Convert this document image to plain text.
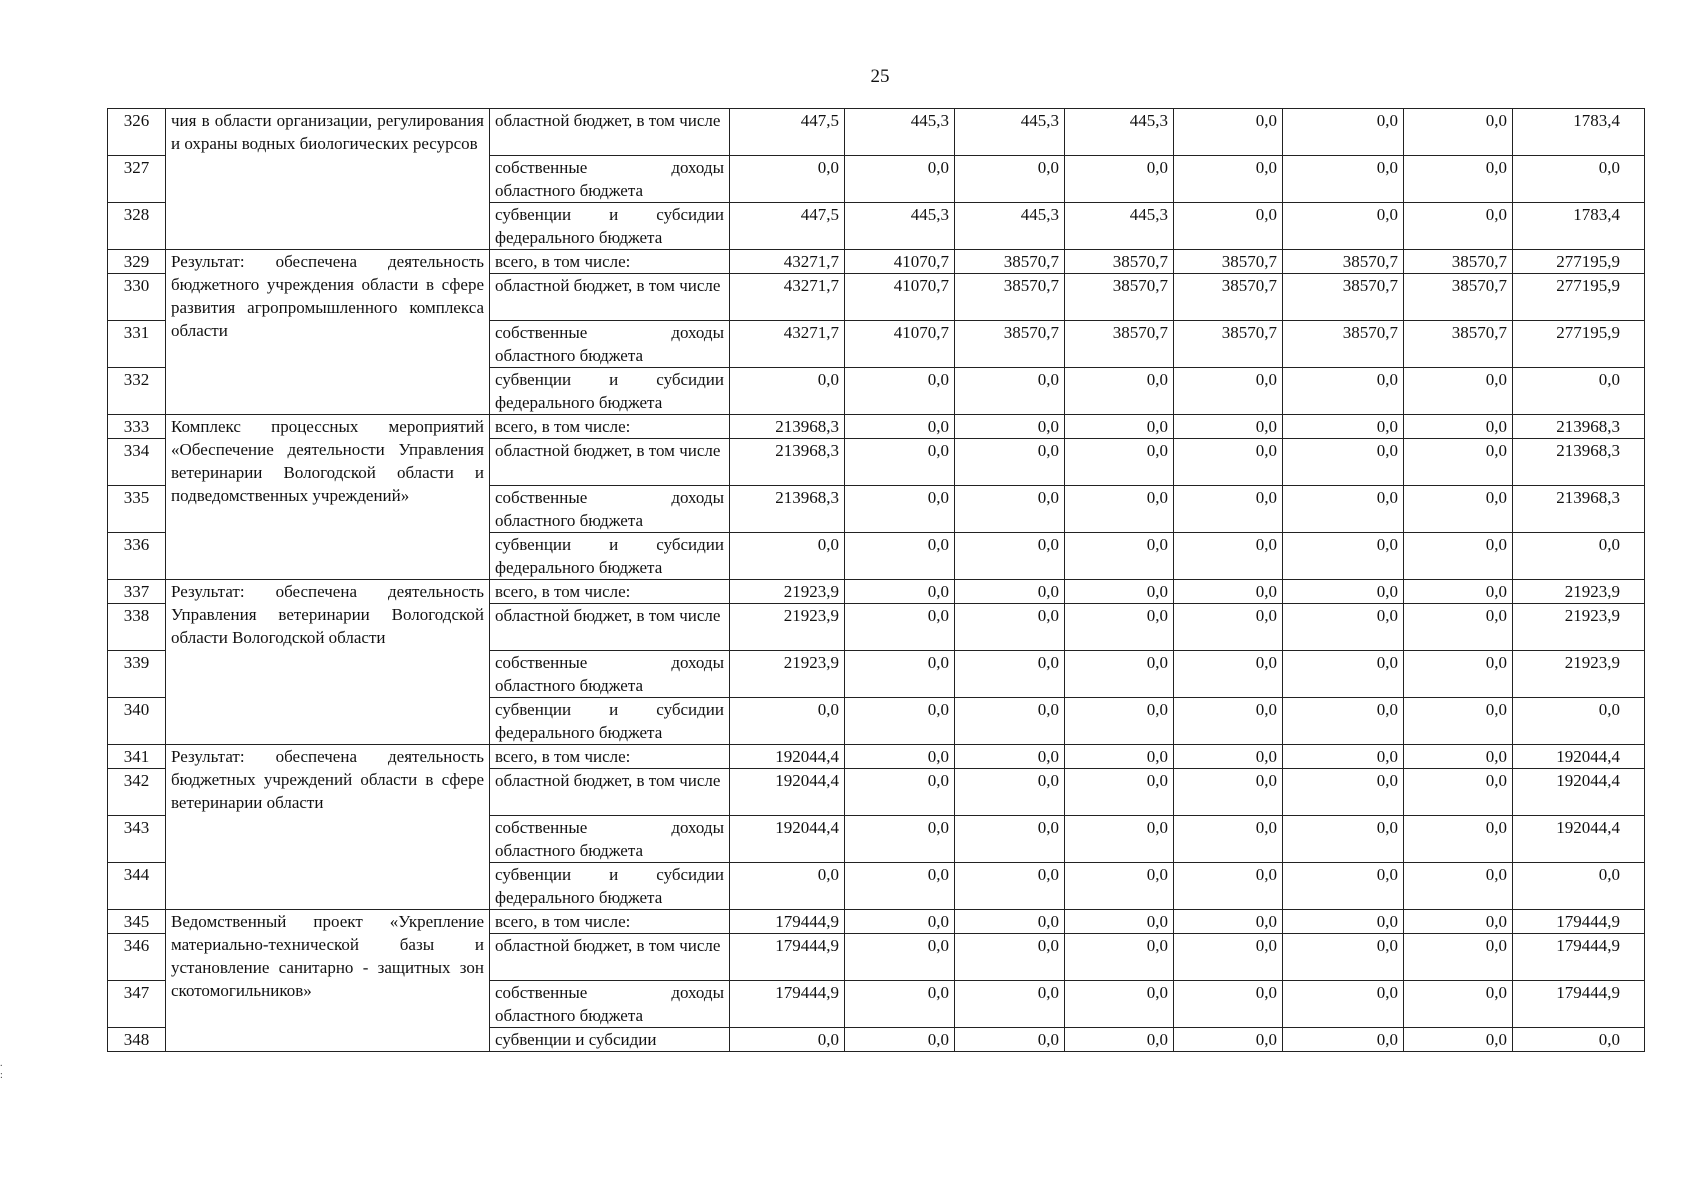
25
326	чия в области организации, регулирования и охраны водных биологических ресурсов	областной бюджет, в том числе	447,5	445,3	445,3	445,3	0,0	0,0	0,0	1783,4
327		собственные доходы областного бюджета	0,0	0,0	0,0	0,0	0,0	0,0	0,0	0,0
328		субвенции и субсидии федерального бюджета	447,5	445,3	445,3	445,3	0,0	0,0	0,0	1783,4
329	Результат: обеспечена деятельность бюджетного учреждения области в сфере развития агропромышленного комплекса области	всего, в том числе:	43271,7	41070,7	38570,7	38570,7	38570,7	38570,7	38570,7	277195,9
330		областной бюджет, в том числе	43271,7	41070,7	38570,7	38570,7	38570,7	38570,7	38570,7	277195,9
331		собственные доходы областного бюджета	43271,7	41070,7	38570,7	38570,7	38570,7	38570,7	38570,7	277195,9
332		субвенции и субсидии федерального бюджета	0,0	0,0	0,0	0,0	0,0	0,0	0,0	0,0
333	Комплекс процессных мероприятий «Обеспечение деятельности Управления ветеринарии Вологодской области и подведомственных учреждений»	всего, в том числе:	213968,3	0,0	0,0	0,0	0,0	0,0	0,0	213968,3
334		областной бюджет, в том числе	213968,3	0,0	0,0	0,0	0,0	0,0	0,0	213968,3
335		собственные доходы областного бюджета	213968,3	0,0	0,0	0,0	0,0	0,0	0,0	213968,3
336		субвенции и субсидии федерального бюджета	0,0	0,0	0,0	0,0	0,0	0,0	0,0	0,0
337	Результат: обеспечена деятельность Управления ветеринарии Вологодской области Вологодской области	всего, в том числе:	21923,9	0,0	0,0	0,0	0,0	0,0	0,0	21923,9
338		областной бюджет, в том числе	21923,9	0,0	0,0	0,0	0,0	0,0	0,0	21923,9
339		собственные доходы областного бюджета	21923,9	0,0	0,0	0,0	0,0	0,0	0,0	21923,9
340		субвенции и субсидии федерального бюджета	0,0	0,0	0,0	0,0	0,0	0,0	0,0	0,0
341	Результат: обеспечена деятельность бюджетных учреждений области в сфере ветеринарии области	всего, в том числе:	192044,4	0,0	0,0	0,0	0,0	0,0	0,0	192044,4
342		областной бюджет, в том числе	192044,4	0,0	0,0	0,0	0,0	0,0	0,0	192044,4
343		собственные доходы областного бюджета	192044,4	0,0	0,0	0,0	0,0	0,0	0,0	192044,4
344		субвенции и субсидии федерального бюджета	0,0	0,0	0,0	0,0	0,0	0,0	0,0	0,0
345	Ведомственный проект «Укрепление материально-технической базы и установление санитарно - защитных зон скотомогильников»	всего, в том числе:	179444,9	0,0	0,0	0,0	0,0	0,0	0,0	179444,9
346		областной бюджет, в том числе	179444,9	0,0	0,0	0,0	0,0	0,0	0,0	179444,9
347		собственные доходы областного бюджета	179444,9	0,0	0,0	0,0	0,0	0,0	0,0	179444,9
348		субвенции и субсидии	0,0	0,0	0,0	0,0	0,0	0,0	0,0	0,0
.
:
